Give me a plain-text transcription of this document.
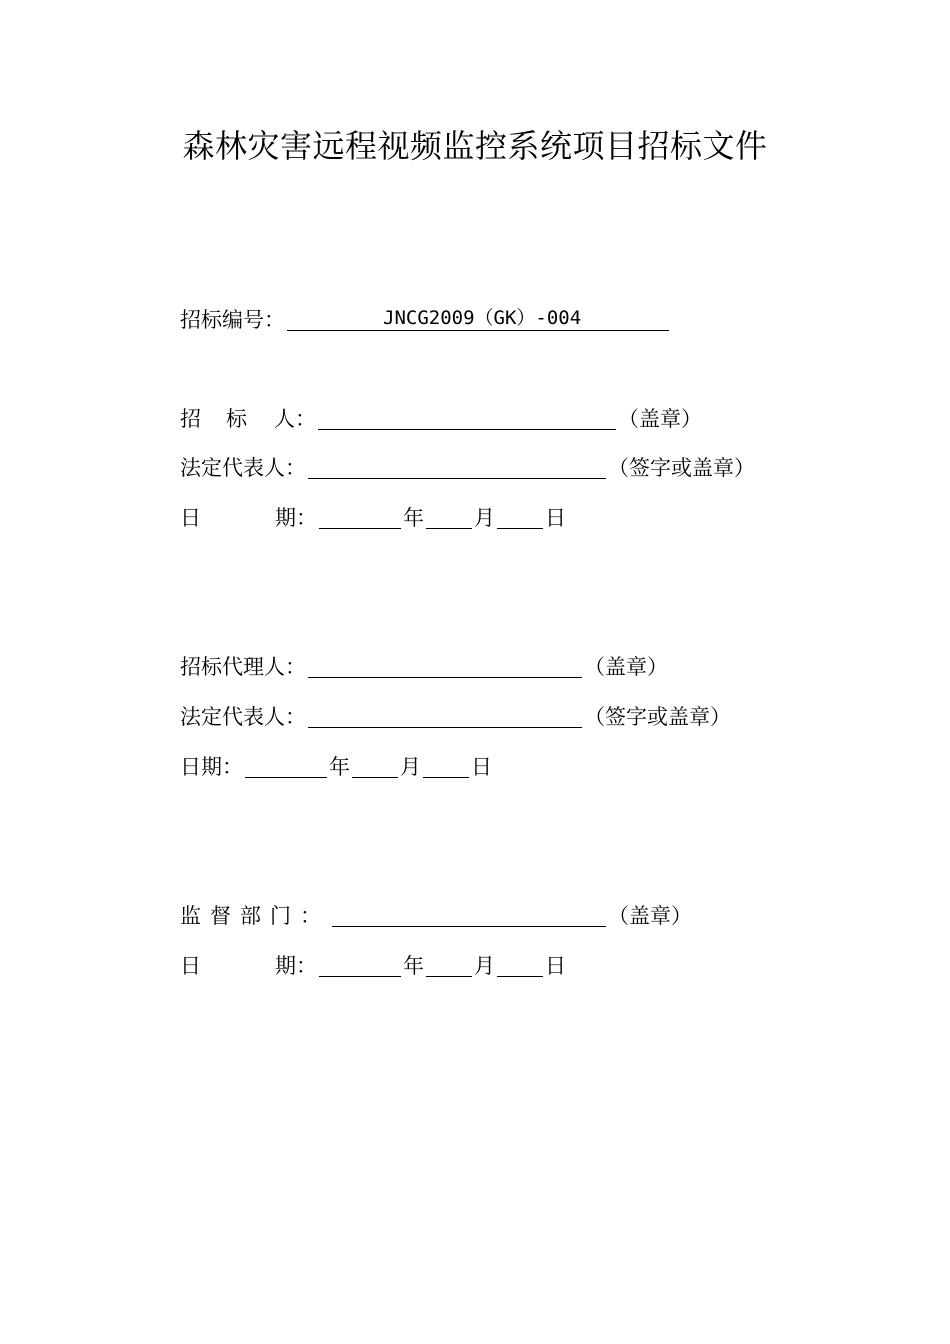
森林灾害远程视频监控系统项目招标文件
招标编号：	JNCG2009（GK）-004
招	标	人：	（盖章）
法定代表人：	（签字或盖章）
日	期：	年 月 日
招标代理人：	（盖章）
法定代表人：	（签字或盖章）
日期：	年 月 日
监督部门：	（盖章）
日	期：	年 月 日
